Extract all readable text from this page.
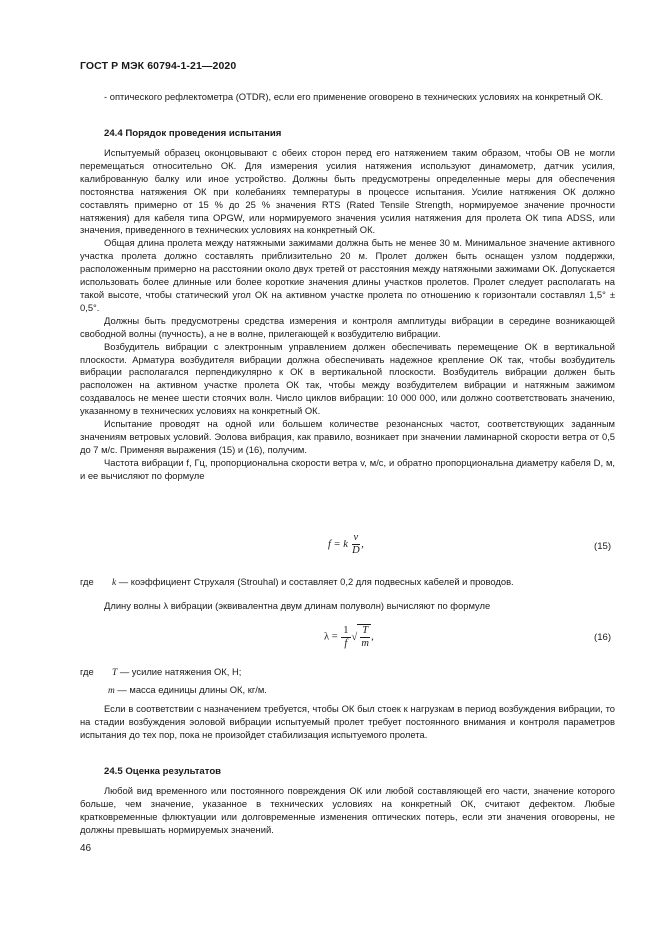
ГОСТ Р МЭК 60794-1-21—2020

- оптического рефлектометра (OTDR), если его применение оговорено в технических условиях на конкретный ОК.

24.4 Порядок проведения испытания

Испытуемый образец оконцовывают с обеих сторон перед его натяжением таким образом, чтобы ОВ не могли перемещаться относительно ОК. Для измерения усилия натяжения используют динамометр, датчик усилия, калиброванную балку или иное устройство. Должны быть предусмотрены определенные меры для обеспечения постоянства натяжения ОК при колебаниях температуры в процессе испытания. Усилие натяжения ОК должно составлять примерно от 15 % до 25 % значения RTS (Rated Tensile Strength, нормируемое значение прочности натяжения) для кабеля типа OPGW, или нормируемого значения усилия натяжения для пролета ОК типа ADSS, или значения, приведенного в технических условиях на конкретный ОК.

Общая длина пролета между натяжными зажимами должна быть не менее 30 м. Минимальное значение активного участка пролета должно составлять приблизительно 20 м. Пролет должен быть оснащен узлом поддержки, расположенным примерно на расстоянии около двух третей от расстояния между натяжными зажимами ОК. Допускается использовать более длинные или более короткие значения длины участков пролетов. Пролет следует располагать на такой высоте, чтобы статический угол ОК на активном участке пролета по отношению к горизонтали составлял 1,5° ± 0,5°.

Должны быть предусмотрены средства измерения и контроля амплитуды вибрации в середине возникающей свободной волны (пучность), а не в волне, прилегающей к возбудителю вибрации.

Возбудитель вибрации с электронным управлением должен обеспечивать перемещение ОК в вертикальной плоскости. Арматура возбудителя вибрации должна обеспечивать надежное крепление ОК так, чтобы возбудитель вибрации располагался перпендикулярно к ОК в вертикальной плоскости. Возбудитель вибрации должен быть расположен на активном участке пролета ОК так, чтобы между возбудителем вибрации и натяжным зажимом создавалось не менее шести стоячих волн. Число циклов вибрации: 10 000 000, или должно соответствовать значению, указанному в технических условиях на конкретный ОК.

Испытание проводят на одной или большем количестве резонансных частот, соответствующих заданным значениям ветровых условий. Эолова вибрация, как правило, возникает при значении ламинарной скорости ветра от 0,5 до 7 м/с. Применяя выражения (15) и (16), получим.

Частота вибрации f, Гц, пропорциональна скорости ветра v, м/с, и обратно пропорциональна диаметру кабеля D, м, и ее вычисляют по формуле

f = k $\frac{v}{D}$ ,	(15)
где k — коэффициент Струхаля (Strouhal) и составляет 0,2 для подвесных кабелей и проводов.

Длину волны λ вибрации (эквивалентна двум длинам полуволн) вычисляют по формуле

$\lambda = \frac{1}{f}$ √ $\frac{T}{m}$ ,	(16)
где T — усилие натяжения ОК, Н;
m — масса единицы длины ОК, кг/м.

Если в соответствии с назначением требуется, чтобы ОК был стоек к нагрузкам в период возбуждения вибрации, то на стадии возбуждения эоловой вибрации испытуемый пролет требует постоянного внимания и контроля параметров испытания до тех пор, пока не произойдет стабилизация испытуемого пролета.

24.5 Оценка результатов

Любой вид временного или постоянного повреждения ОК или любой составляющей его части, значение которого больше, чем значение, указанное в технических условиях на конкретный ОК, считают дефектом. Любые кратковременные флюктуации или долговременные изменения оптических потерь, если эти значения оговорены, не должны превышать нормируемых значений.

46
